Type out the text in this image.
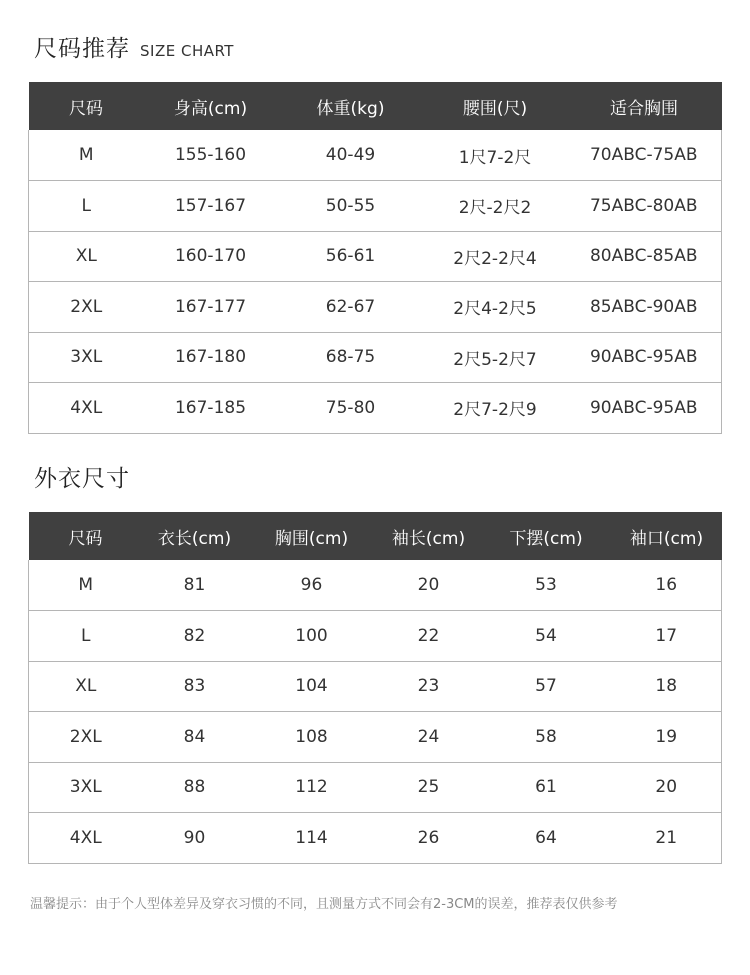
尺码推荐 SIZE CHART
尺码	身高(cm)	体重(kg)	腰围(尺)	适合胸围
M	155-160	40-49	1尺7-2尺	70ABC-75AB
L	157-167	50-55	2尺-2尺2	75ABC-80AB
XL	160-170	56-61	2尺2-2尺4	80ABC-85AB
2XL	167-177	62-67	2尺4-2尺5	85ABC-90AB
3XL	167-180	68-75	2尺5-2尺7	90ABC-95AB
4XL	167-185	75-80	2尺7-2尺9	90ABC-95AB
外衣尺寸
尺码	衣长(cm)	胸围(cm)	袖长(cm)	下摆(cm)	袖口(cm)
M	81	96	20	53	16
L	82	100	22	54	17
XL	83	104	23	57	18
2XL	84	108	24	58	19
3XL	88	112	25	61	20
4XL	90	114	26	64	21
温馨提示：由于个人型体差异及穿衣习惯的不同，且测量方式不同会有2-3CM的误差，推荐表仅供参考
